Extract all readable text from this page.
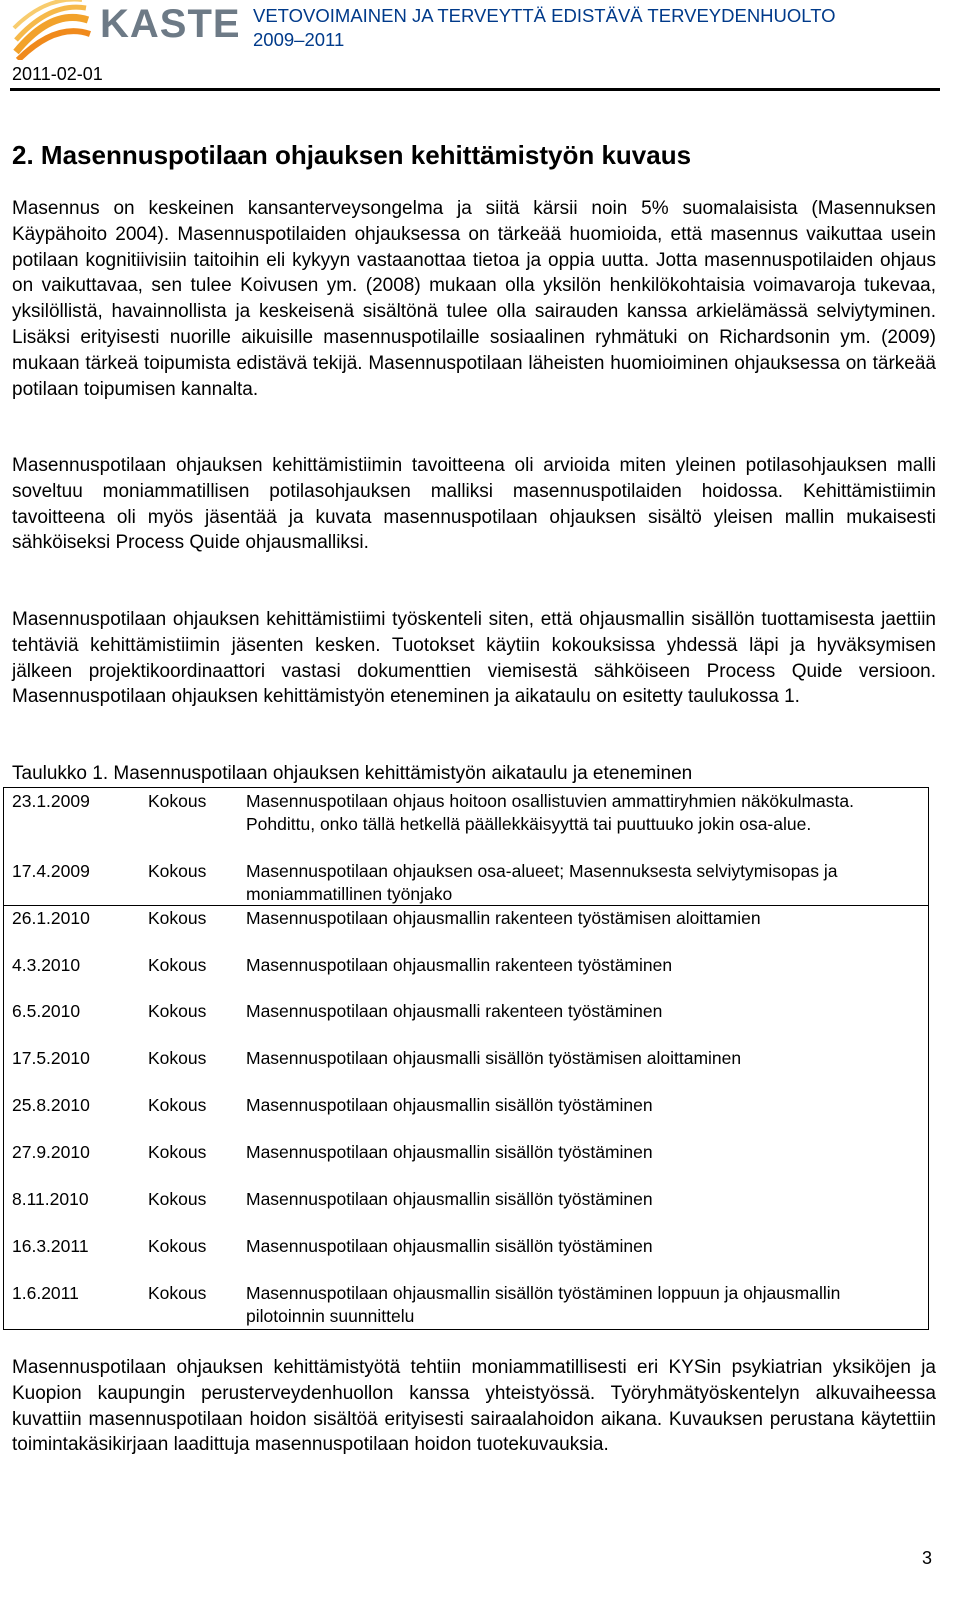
KASTE
2011-02-01
VETOVOIMAINEN JA TERVEYTTÄ EDISTÄVÄ TERVEYDENHUOLTO
2009–2011
2. Masennuspotilaan ohjauksen kehittämistyön kuvaus

Masennus on keskeinen kansanterveysongelma ja siitä kärsii noin 5% suomalaisista (Masennuksen Käypähoito 2004). Masennuspotilaiden ohjauksessa on tärkeää huomioida, että masennus vaikuttaa usein potilaan kognitiivisiin taitoihin eli kykyyn vastaanottaa tietoa ja oppia uutta. Jotta masennuspotilaiden ohjaus on vaikuttavaa, sen tulee Koivusen ym. (2008) mukaan olla yksilön henkilökohtaisia voimavaroja tukevaa, yksilöllistä, havainnollista ja keskeisenä sisältönä tulee olla sairauden kanssa arkielämässä selviytyminen. Lisäksi erityisesti nuorille aikuisille masennuspotilaille sosiaalinen ryhmätuki on Richardsonin ym. (2009) mukaan tärkeä toipumista edistävä tekijä. Masennuspotilaan läheisten huomioiminen ohjauksessa on tärkeää potilaan toipumisen kannalta.

Masennuspotilaan ohjauksen kehittämistiimin tavoitteena oli arvioida miten yleinen potilasohjauksen malli soveltuu moniammatillisen potilasohjauksen malliksi masennuspotilaiden hoidossa. Kehittämistiimin tavoitteena oli myös jäsentää ja kuvata masennuspotilaan ohjauksen sisältö yleisen mallin mukaisesti sähköiseksi Process Quide ohjausmalliksi.

Masennuspotilaan ohjauksen kehittämistiimi työskenteli siten, että ohjausmallin sisällön tuottamisesta jaettiin tehtäviä kehittämistiimin jäsenten kesken. Tuotokset käytiin kokouksissa yhdessä läpi ja hyväksymisen jälkeen projektikoordinaattori vastasi dokumenttien viemisestä sähköiseen Process Quide versioon. Masennuspotilaan ohjauksen kehittämistyön eteneminen ja aikataulu on esitetty taulukossa 1.

Taulukko 1. Masennuspotilaan ohjauksen kehittämistyön aikataulu ja eteneminen

23.1.2009	Kokous Masennuspotilaan ohjaus hoitoon osallistuvien ammattiryhmien näkökulmasta. Pohdittu, onko tällä hetkellä päällekkäisyyttä tai puuttuuko jokin osa-alue.
17.4.2009	Kokous Masennuspotilaan ohjauksen osa-alueet; Masennuksesta selviytymisopas ja moniammatillinen työnjako
26.1.2010	Kokous Masennuspotilaan ohjausmallin rakenteen työstämisen aloittamien
4.3.2010	Kokous Masennuspotilaan ohjausmallin rakenteen työstäminen
6.5.2010	Kokous Masennuspotilaan ohjausmalli rakenteen työstäminen
17.5.2010	Kokous Masennuspotilaan ohjausmalli sisällön työstämisen aloittaminen
25.8.2010	Kokous Masennuspotilaan ohjausmallin sisällön työstäminen
27.9.2010	Kokous Masennuspotilaan ohjausmallin sisällön työstäminen
8.11.2010	Kokous Masennuspotilaan ohjausmallin sisällön työstäminen
16.3.2011	Kokous Masennuspotilaan ohjausmallin sisällön työstäminen
1.6.2011	Kokous Masennuspotilaan ohjausmallin sisällön työstäminen loppuun ja ohjausmallin pilotoinnin suunnittelu

Masennuspotilaan ohjauksen kehittämistyötä tehtiin moniammatillisesti eri KYSin psykiatrian yksiköjen ja Kuopion kaupungin perusterveydenhuollon kanssa yhteistyössä. Työryhmätyöskentelyn alkuvaiheessa kuvattiin masennuspotilaan hoidon sisältöä erityisesti sairaalahoidon aikana. Kuvauksen perustana käytettiin toimintakäsikirjaan laadittuja masennuspotilaan hoidon tuotekuvauksia.

3
